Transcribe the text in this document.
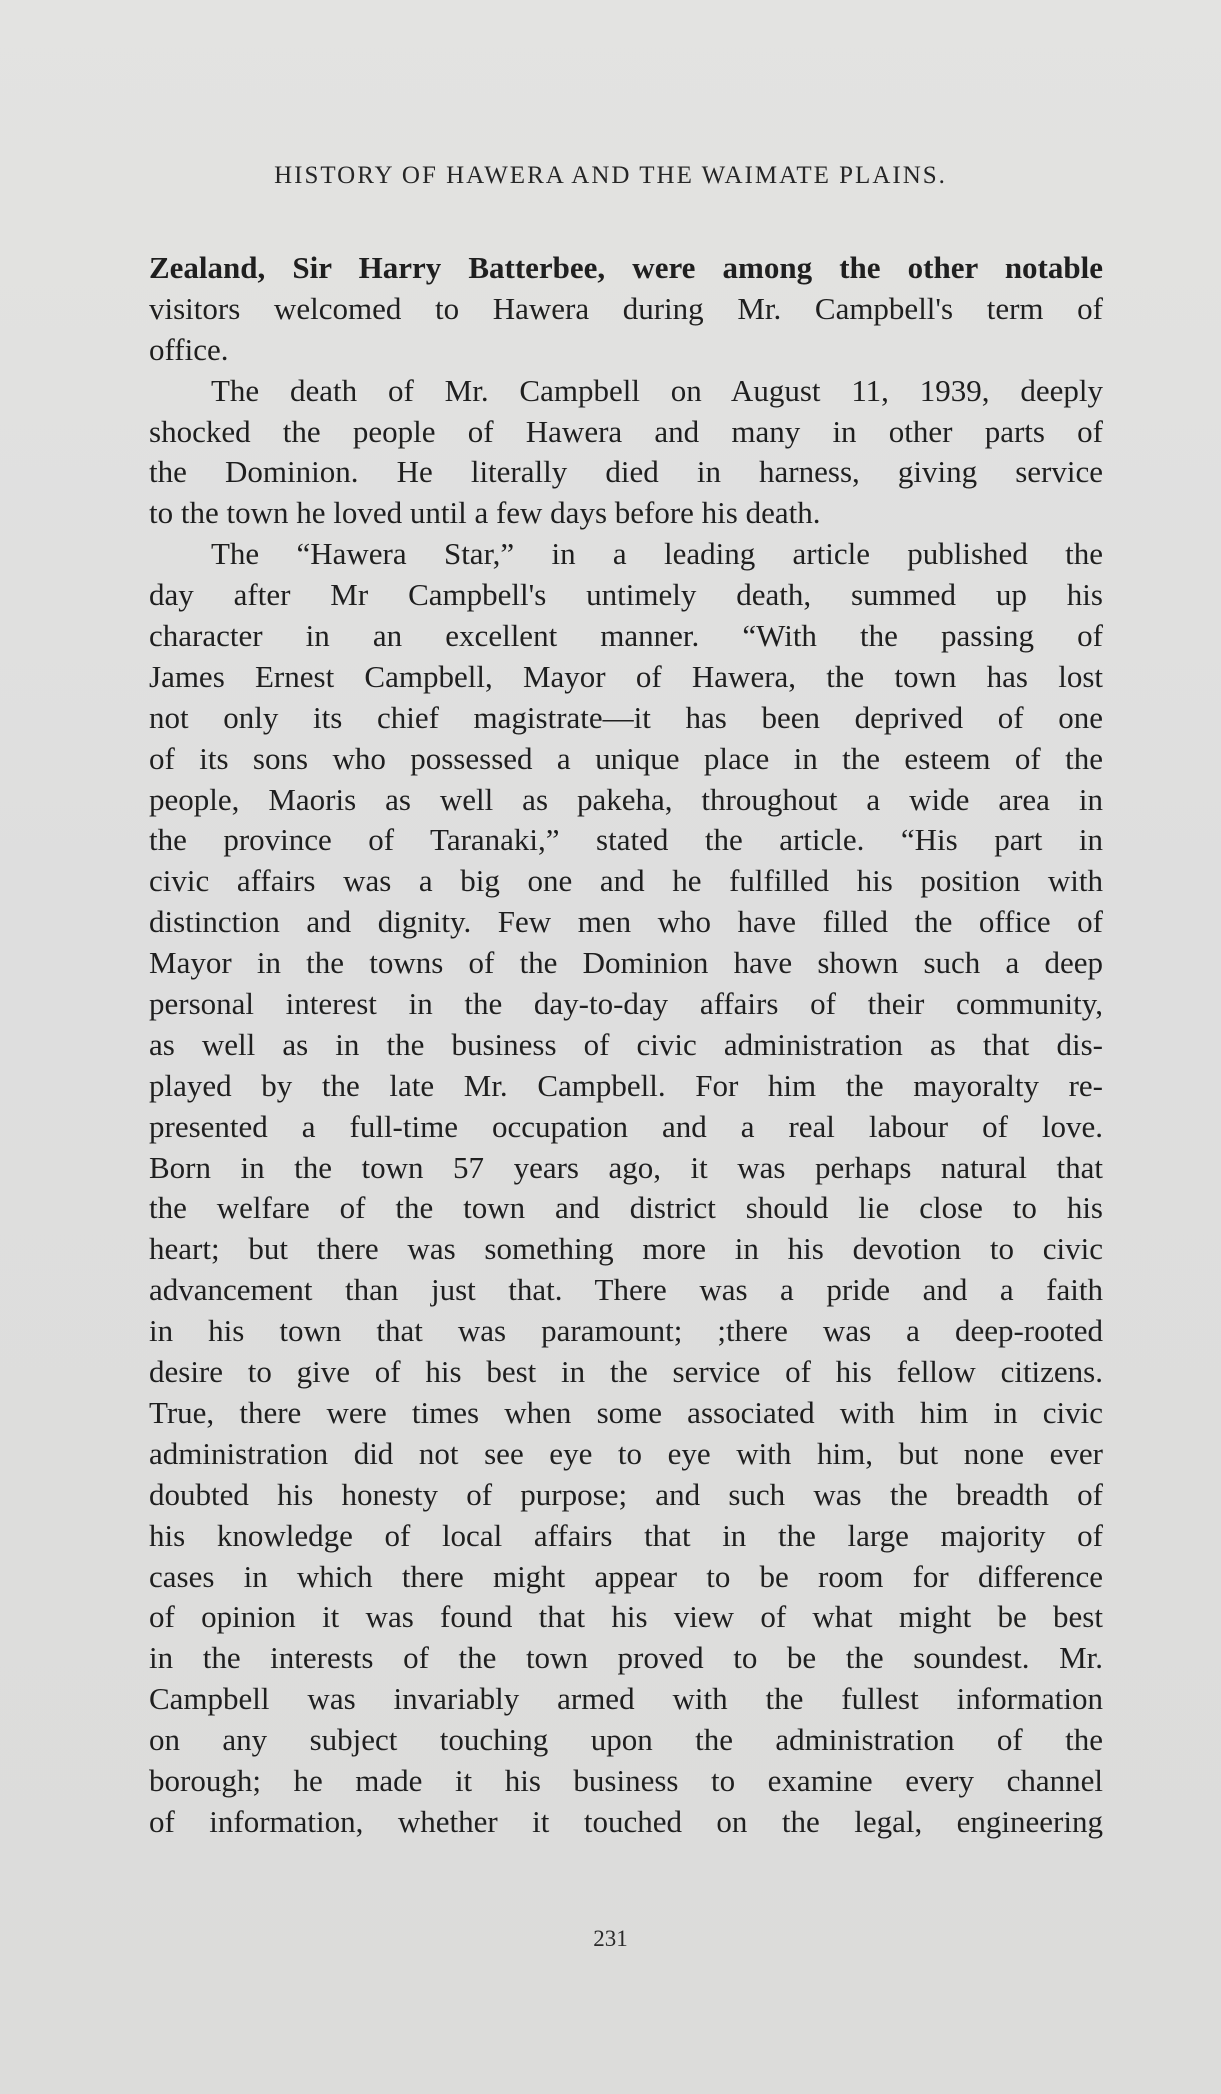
HISTORY OF HAWERA AND THE WAIMATE PLAINS.
Zealand, Sir Harry Batterbee, were among the other notable
visitors welcomed to Hawera during Mr. Campbell's term of
office.
The death of Mr. Campbell on August 11, 1939, deeply
shocked the people of Hawera and many in other parts of
the Dominion. He literally died in harness, giving service
to the town he loved until a few days before his death.
The “Hawera Star,” in a leading article published the
day after Mr Campbell's untimely death, summed up his
character in an excellent manner. “With the passing of
James Ernest Campbell, Mayor of Hawera, the town has lost
not only its chief magistrate—it has been deprived of one
of its sons who possessed a unique place in the esteem of the
people, Maoris as well as pakeha, throughout a wide area in
the province of Taranaki,” stated the article. “His part in
civic affairs was a big one and he fulfilled his position with
distinction and dignity. Few men who have filled the office of
Mayor in the towns of the Dominion have shown such a deep
personal interest in the day-to-day affairs of their community,
as well as in the business of civic administration as that dis-
played by the late Mr. Campbell. For him the mayoralty re-
presented a full-time occupation and a real labour of love.
Born in the town 57 years ago, it was perhaps natural that
the welfare of the town and district should lie close to his
heart; but there was something more in his devotion to civic
advancement than just that. There was a pride and a faith
in his town that was paramount; ;there was a deep-rooted
desire to give of his best in the service of his fellow citizens.
True, there were times when some associated with him in civic
administration did not see eye to eye with him, but none ever
doubted his honesty of purpose; and such was the breadth of
his knowledge of local affairs that in the large majority of
cases in which there might appear to be room for difference
of opinion it was found that his view of what might be best
in the interests of the town proved to be the soundest. Mr.
Campbell was invariably armed with the fullest information
on any subject touching upon the administration of the
borough; he made it his business to examine every channel
of information, whether it touched on the legal, engineering
231
